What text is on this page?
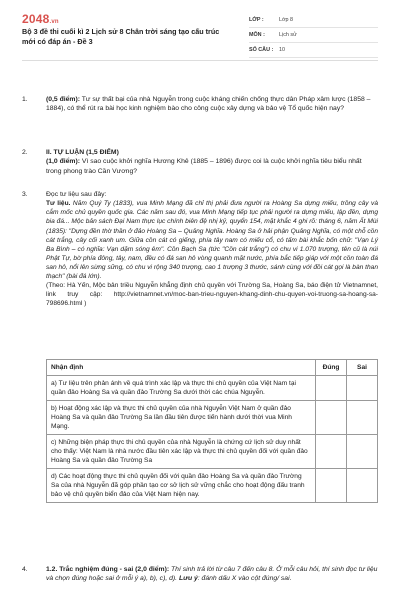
2048.vn
Bộ 3 đề thi cuối kì 2 Lịch sử 8 Chân trời sáng tạo cấu trúc mới có đáp án - Đề 3
LỚP :	Lớp 8
MÔN :	Lịch sử
SỐ CÂU :	10
1.	(0,5 điểm): Tư sự thất bại của nhà Nguyễn trong cuộc kháng chiến chống thực dân Pháp xâm lược (1858 – 1884), có thể rút ra bài học kinh nghiệm bào cho công cuộc xây dựng và bảo vệ Tổ quốc hiện nay?
2.	II. TỰ LUẬN (1,5 ĐIỂM)
(1,0 điểm): Vì sao cuộc khởi nghĩa Hương Khê (1885 – 1896) được coi là cuộc khởi nghĩa tiêu biểu nhất trong phong trào Cần Vương?
3.	Đọc tư liệu sau đây:
Tư liệu. Năm Quý Ty (1833), vua Minh Mạng đã chỉ thị phải đưa người ra Hoàng Sa dựng miếu, trồng cây và cắm mốc chủ quyền quốc gia. Các năm sau đó, vua Minh Mạng tiếp tục phải người ra dựng miếu, lập đền, dựng bia đá... Mộc bản sách Đại Nam thực lục chính biên đệ nhị kỷ, quyển 154, mặt khắc 4 ghi rõ: tháng 6, năm Ất Mùi (1835): "Dựng đền thờ thần ở đảo Hoàng Sa – Quảng Nghĩa. Hoàng Sa ở hải phận Quảng Nghĩa, có một chỗ cồn cát trắng, cây cối xanh um. Giữa cồn cát có giếng, phía tây nam có miếu cổ, có tấm bài khắc bốn chữ: "Vạn Lý Ba Bình – có nghĩa: Vạn dặm sóng êm". Cồn Bạch Sa (tức "Cồn cát trắng") có chu vi 1.070 trượng, tên cũ là núi Phật Tự, bờ phía đông, tây, nam, đều có đá san hô vòng quanh mặt nước, phía bắc tiếp giáp với một cồn toàn đá san hô, nổi lên sừng sững, có chu vi rộng 340 trượng, cao 1 trượng 3 thước, sánh cùng với đồi cát gọi là bàn than thạch" (bài đá lớn).
(Theo: Hà Yến, Mộc bản triều Nguyễn khẳng định chủ quyền với Trường Sa, Hoàng Sa, báo điện tử Vietnamnet, link truy cập: http://vietnamnet.vn/moc-ban-trieu-nguyen-khang-dinh-chu-quyen-voi-truong-sa-hoang-sa-798696.html )
Nhận định	Đúng	Sai
a) Tư liệu trên phản ánh về quá trình xác lập và thực thi chủ quyền của Việt Nam tại quần đảo Hoàng Sa và quần đảo Trường Sa dưới thời các chúa Nguyễn.		
b) Hoạt động xác lập và thực thi chủ quyền của nhà Nguyễn Việt Nam ở quần đảo Hoàng Sa và quần đảo Trường Sa lần đầu tiên được tiến hành dưới thời vua Minh Mạng.		
c) Những biện pháp thực thi chủ quyền của nhà Nguyễn là chứng cứ lịch sử duy nhất cho thấy: Việt Nam là nhà nước đầu tiên xác lập và thực thi chủ quyền đối với quần đảo Hoàng Sa và quần đảo Trường Sa		
d) Các hoạt động thực thi chủ quyền đối với quần đảo Hoàng Sa và quần đảo Trường Sa của nhà Nguyễn đã góp phần tạo cơ sở lịch sử vững chắc cho hoạt động đấu tranh bảo vệ chủ quyền biển đảo của Việt Nam hiện nay.		
4.	1.2. Trắc nghiệm đúng - sai (2,0 điểm): Thí sinh trả lời từ câu 7 đến câu 8. Ở mỗi câu hỏi, thí sinh đọc tư liệu và chọn đúng hoặc sai ở mỗi ý a), b), c), d). Lưu ý: đánh dấu X vào cột đúng/ sai.
